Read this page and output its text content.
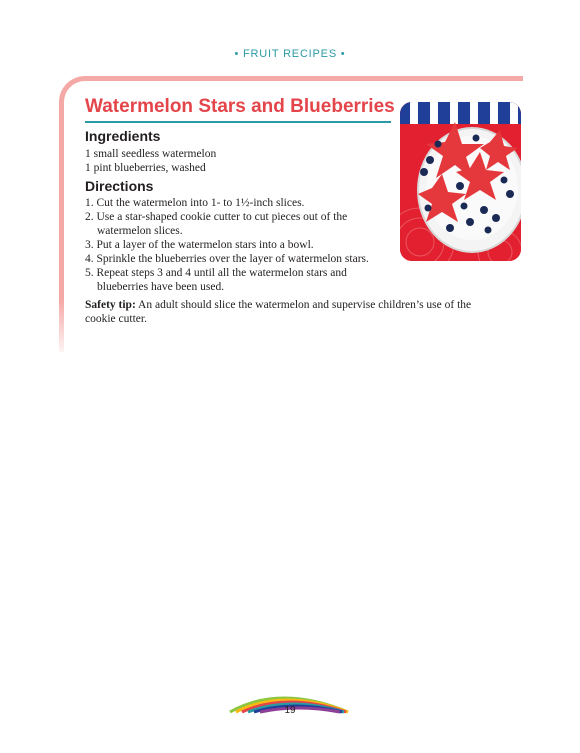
• FRUIT RECIPES •
Watermelon Stars and Blueberries
Ingredients
1 small seedless watermelon
1 pint blueberries, washed
Directions
1. Cut the watermelon into 1- to 1½-inch slices.
2. Use a star-shaped cookie cutter to cut pieces out of the watermelon slices.
3. Put a layer of the watermelon stars into a bowl.
4. Sprinkle the blueberries over the layer of watermelon stars.
5. Repeat steps 3 and 4 until all the watermelon stars and blueberries have been used.
Safety tip: An adult should slice the watermelon and supervise children’s use of the cookie cutter.
19
